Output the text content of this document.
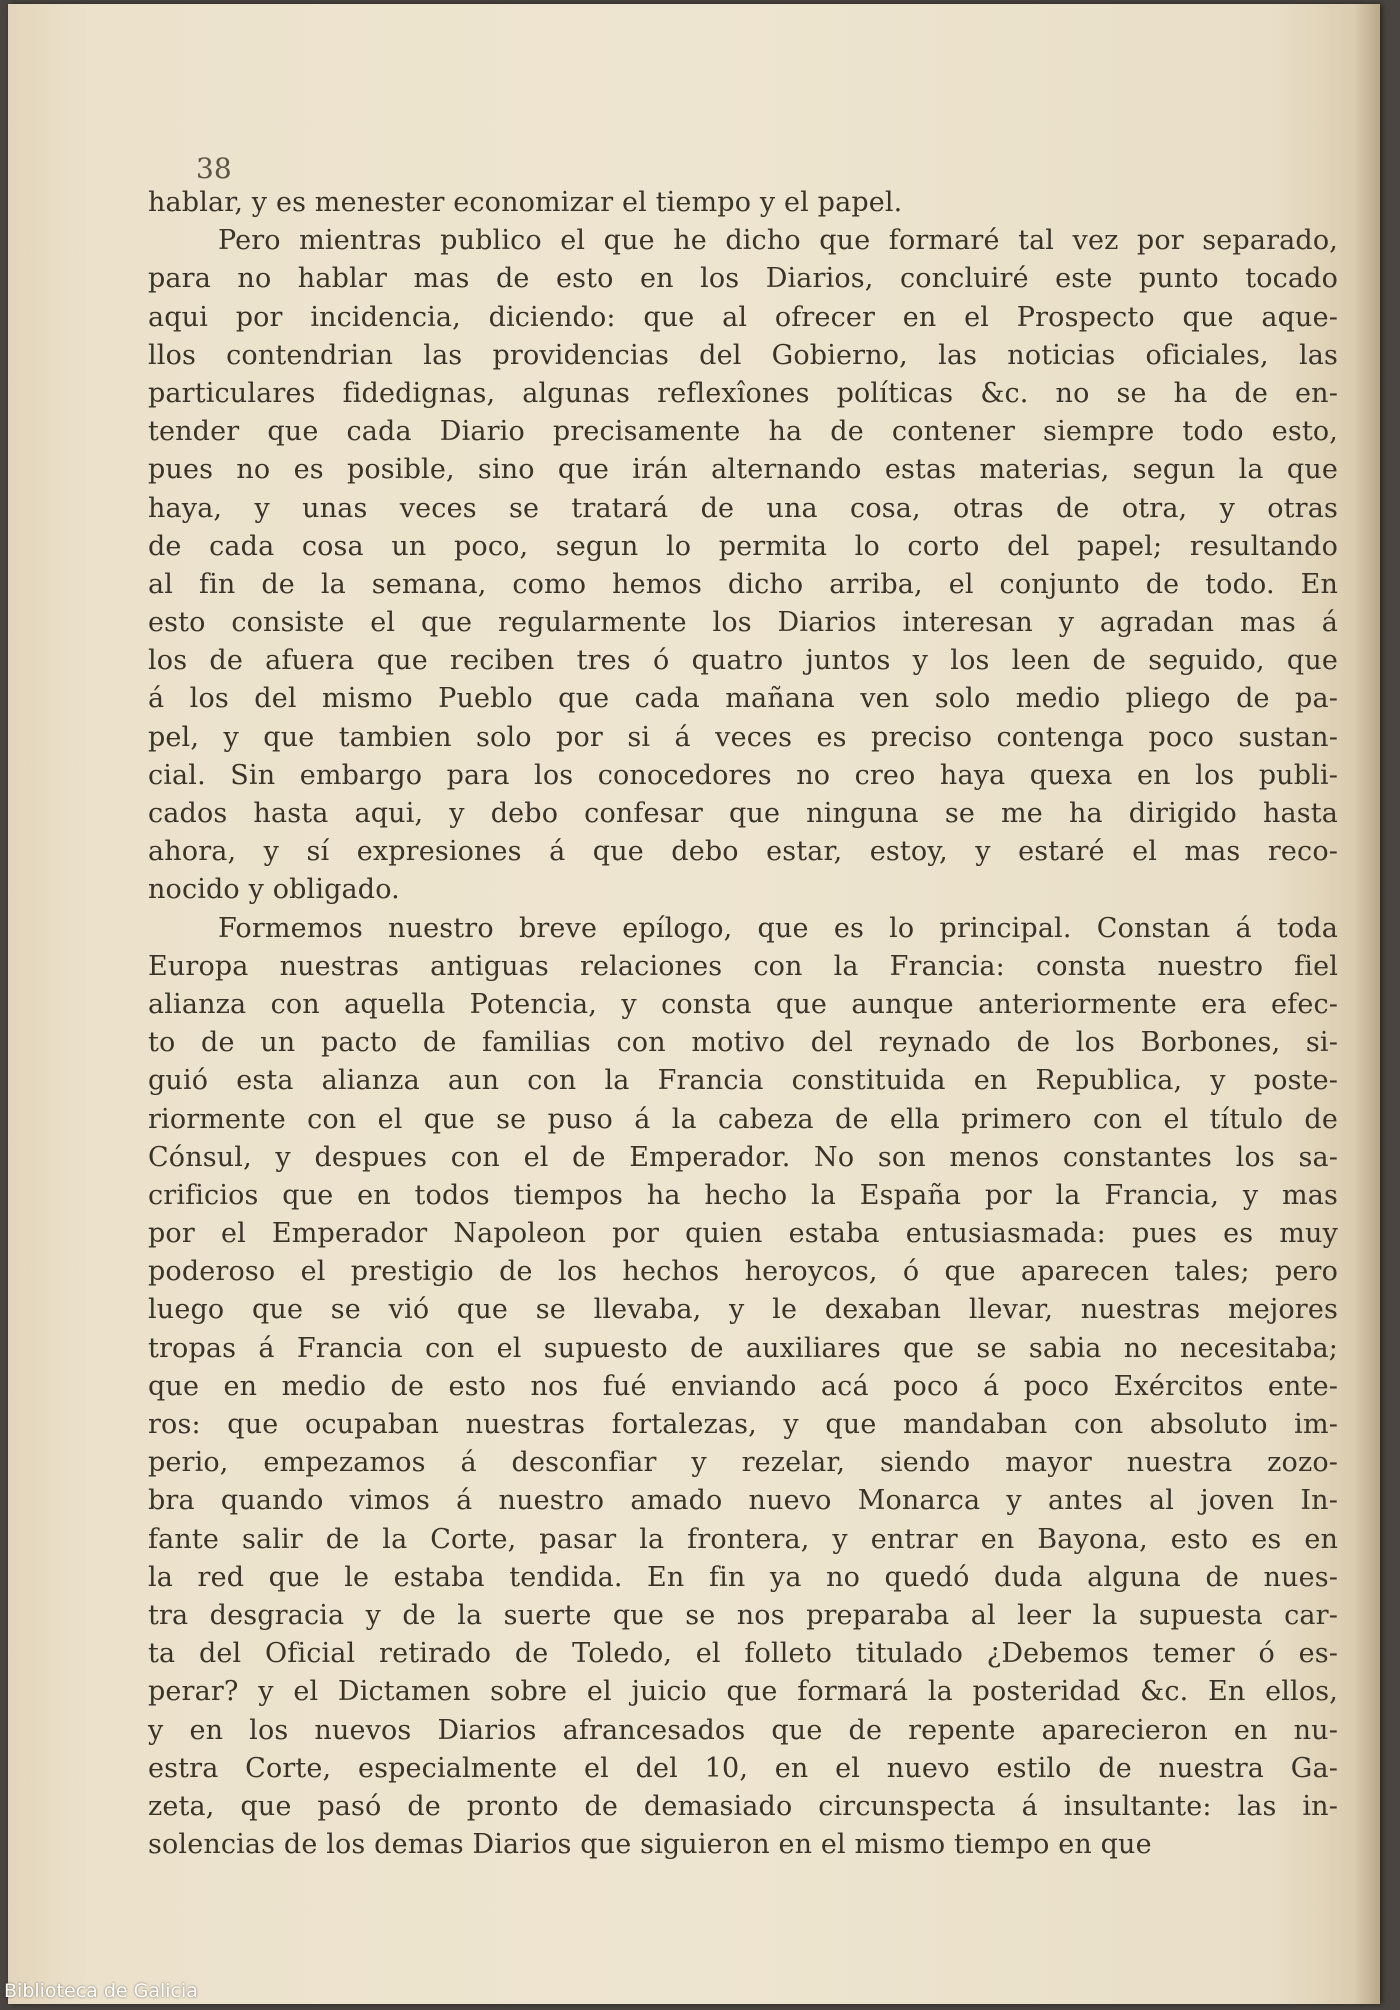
38
hablar, y es menester economizar el tiempo y el papel.
Pero mientras publico el que he dicho que formaré tal vez por separado,
para no hablar mas de esto en los Diarios, concluiré este punto tocado
aqui por incidencia, diciendo: que al ofrecer en el Prospecto que aque-
llos contendrian las providencias del Gobierno, las noticias oficiales, las
particulares fidedignas, algunas reflexîones políticas &c. no se ha de en-
tender que cada Diario precisamente ha de contener siempre todo esto,
pues no es posible, sino que irán alternando estas materias, segun la que
haya, y unas veces se tratará de una cosa, otras de otra, y otras
de cada cosa un poco, segun lo permita lo corto del papel; resultando
al fin de la semana, como hemos dicho arriba, el conjunto de todo. En
esto consiste el que regularmente los Diarios interesan y agradan mas á
los de afuera que reciben tres ó quatro juntos y los leen de seguido, que
á los del mismo Pueblo que cada mañana ven solo medio pliego de pa-
pel, y que tambien solo por si á veces es preciso contenga poco sustan-
cial. Sin embargo para los conocedores no creo haya quexa en los publi-
cados hasta aqui, y debo confesar que ninguna se me ha dirigido hasta
ahora, y sí expresiones á que debo estar, estoy, y estaré el mas reco-
nocido y obligado.
Formemos nuestro breve epílogo, que es lo principal. Constan á toda
Europa nuestras antiguas relaciones con la Francia: consta nuestro fiel
alianza con aquella Potencia, y consta que aunque anteriormente era efec-
to de un pacto de familias con motivo del reynado de los Borbones, si-
guió esta alianza aun con la Francia constituida en Republica, y poste-
riormente con el que se puso á la cabeza de ella primero con el título de
Cónsul, y despues con el de Emperador. No son menos constantes los sa-
crificios que en todos tiempos ha hecho la España por la Francia, y mas
por el Emperador Napoleon por quien estaba entusiasmada: pues es muy
poderoso el prestigio de los hechos heroycos, ó que aparecen tales; pero
luego que se vió que se llevaba, y le dexaban llevar, nuestras mejores
tropas á Francia con el supuesto de auxiliares que se sabia no necesitaba;
que en medio de esto nos fué enviando acá poco á poco Exércitos ente-
ros: que ocupaban nuestras fortalezas, y que mandaban con absoluto im-
perio, empezamos á desconfiar y rezelar, siendo mayor nuestra zozo-
bra quando vimos á nuestro amado nuevo Monarca y antes al joven In-
fante salir de la Corte, pasar la frontera, y entrar en Bayona, esto es en
la red que le estaba tendida. En fin ya no quedó duda alguna de nues-
tra desgracia y de la suerte que se nos preparaba al leer la supuesta car-
ta del Oficial retirado de Toledo, el folleto titulado ¿Debemos temer ó es-
perar? y el Dictamen sobre el juicio que formará la posteridad &c. En ellos,
y en los nuevos Diarios afrancesados que de repente aparecieron en nu-
estra Corte, especialmente el del 10, en el nuevo estilo de nuestra Ga-
zeta, que pasó de pronto de demasiado circunspecta á insultante: las in-
solencias de los demas Diarios que siguieron en el mismo tiempo en que
Biblioteca de Galicia
